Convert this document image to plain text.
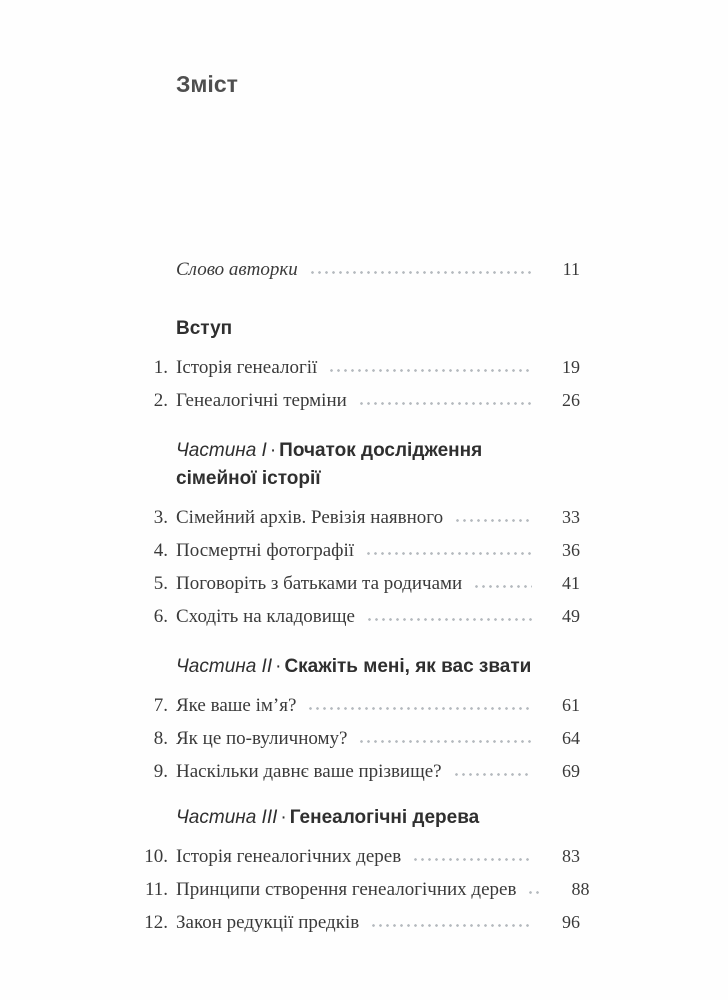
Зміст
Слово авторки	11
Вступ
1. Історія генеалогії	19
2. Генеалогічні терміни	26
Частина I · Початок дослідження сімейної історії
3. Сімейний архів. Ревізія наявного	33
4. Посмертні фотографії	36
5. Поговоріть з батьками та родичами	41
6. Сходіть на кладовище	49
Частина II · Скажіть мені, як вас звати
7. Яке ваше ім’я?	61
8. Як це по-вуличному?	64
9. Наскільки давнє ваше прізвище?	69
Частина III · Генеалогічні дерева
10. Історія генеалогічних дерев	83
11. Принципи створення генеалогічних дерев	88
12. Закон редукції предків	96
